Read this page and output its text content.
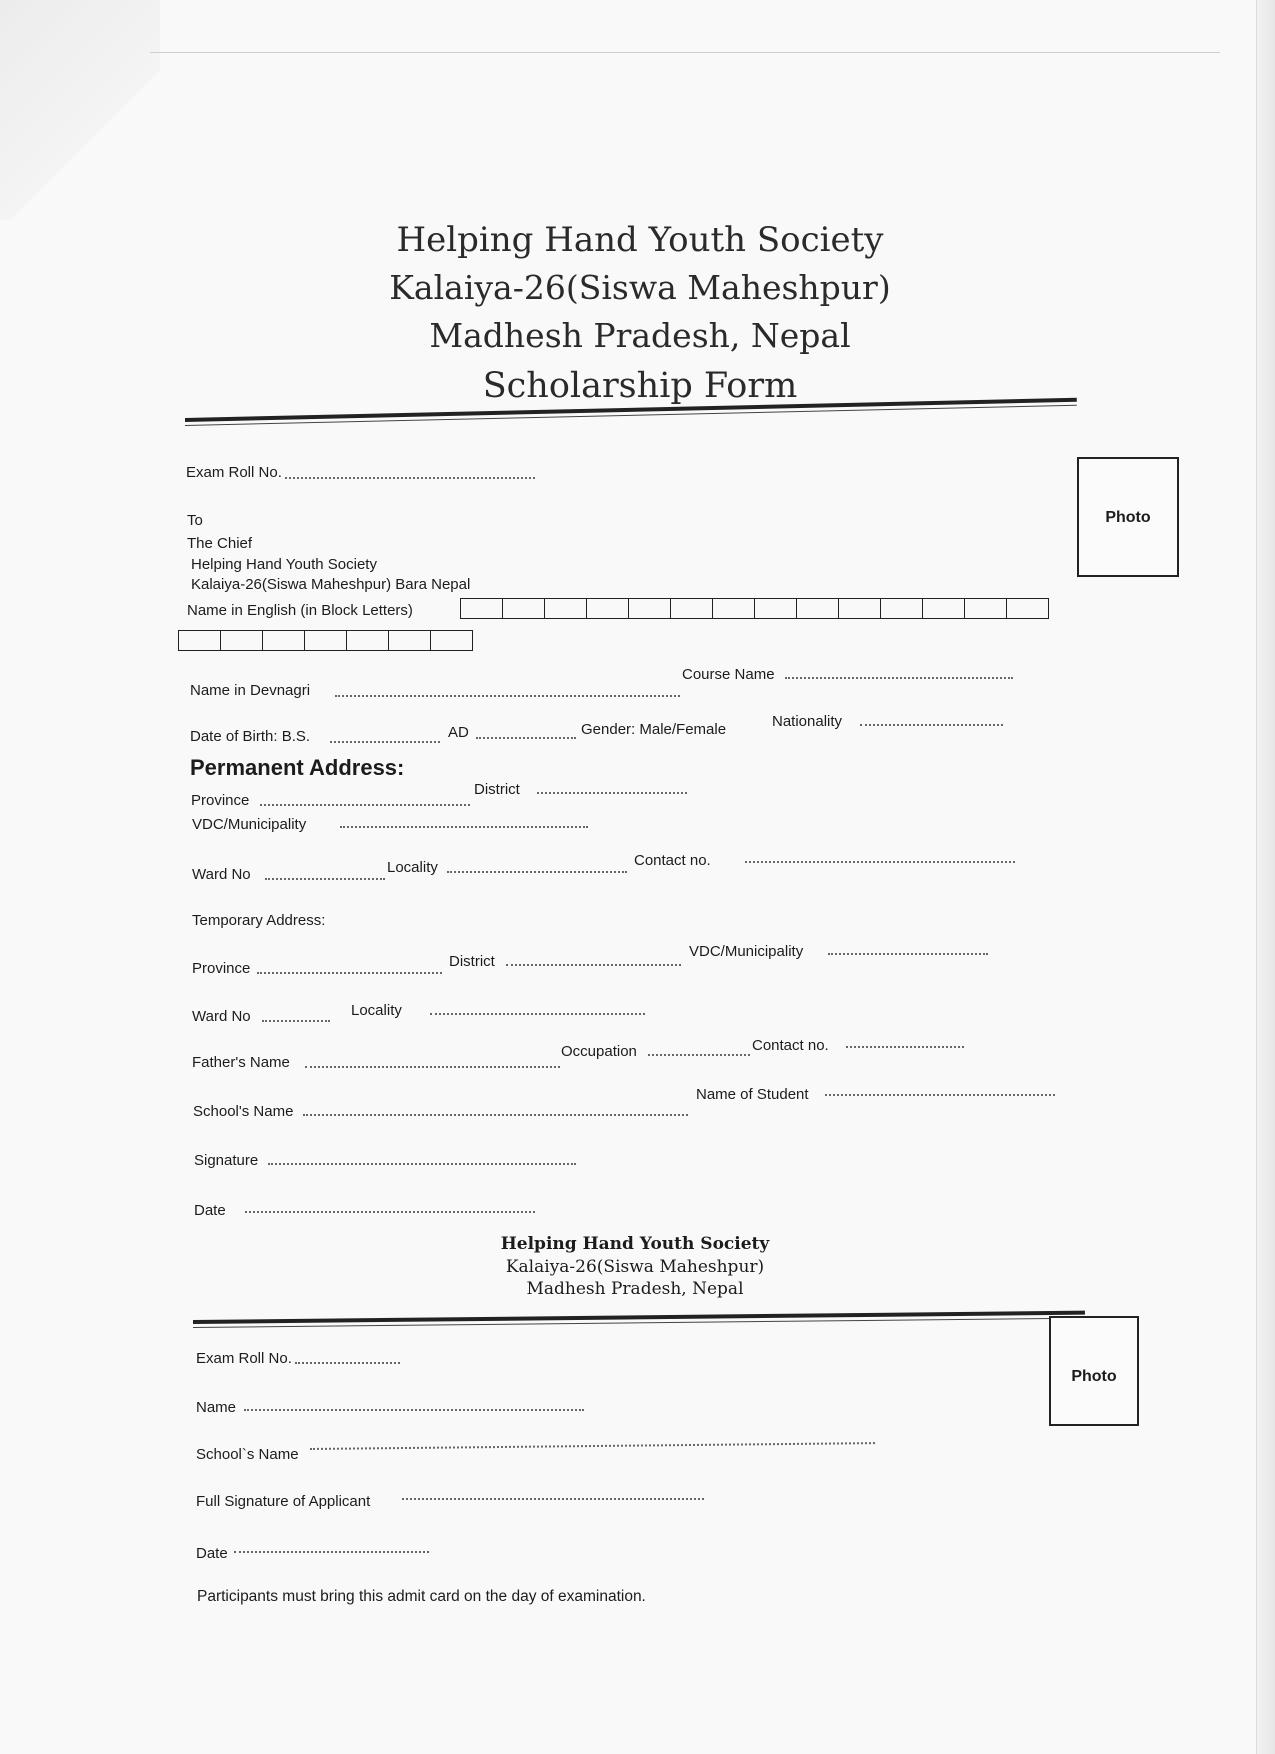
Helping Hand Youth Society
Kalaiya-26(Siswa Maheshpur)
Madhesh Pradesh, Nepal
Scholarship Form
Exam Roll No.
Photo
To
The Chief
Helping Hand Youth Society
Kalaiya-26(Siswa Maheshpur) Bara Nepal
Name in English (in Block Letters)
Name in Devnagri
Course Name
Date of Birth: B.S.	AD	Gender: Male/Female	Nationality
Permanent Address:
Province
District
VDC/Municipality
Ward No	Locality	Contact no.
Temporary Address:
Province	District
VDC/Municipality
Ward No	Locality
Father's Name
Occupation	Contact no.
School's Name
Name of Student
Signature
Date
Helping Hand Youth Society
Kalaiya-26(Siswa Maheshpur)
Madhesh Pradesh, Nepal
Exam Roll No.
Photo
Name
School`s Name
Full Signature of Applicant
Date
Participants must bring this admit card on the day of examination.
